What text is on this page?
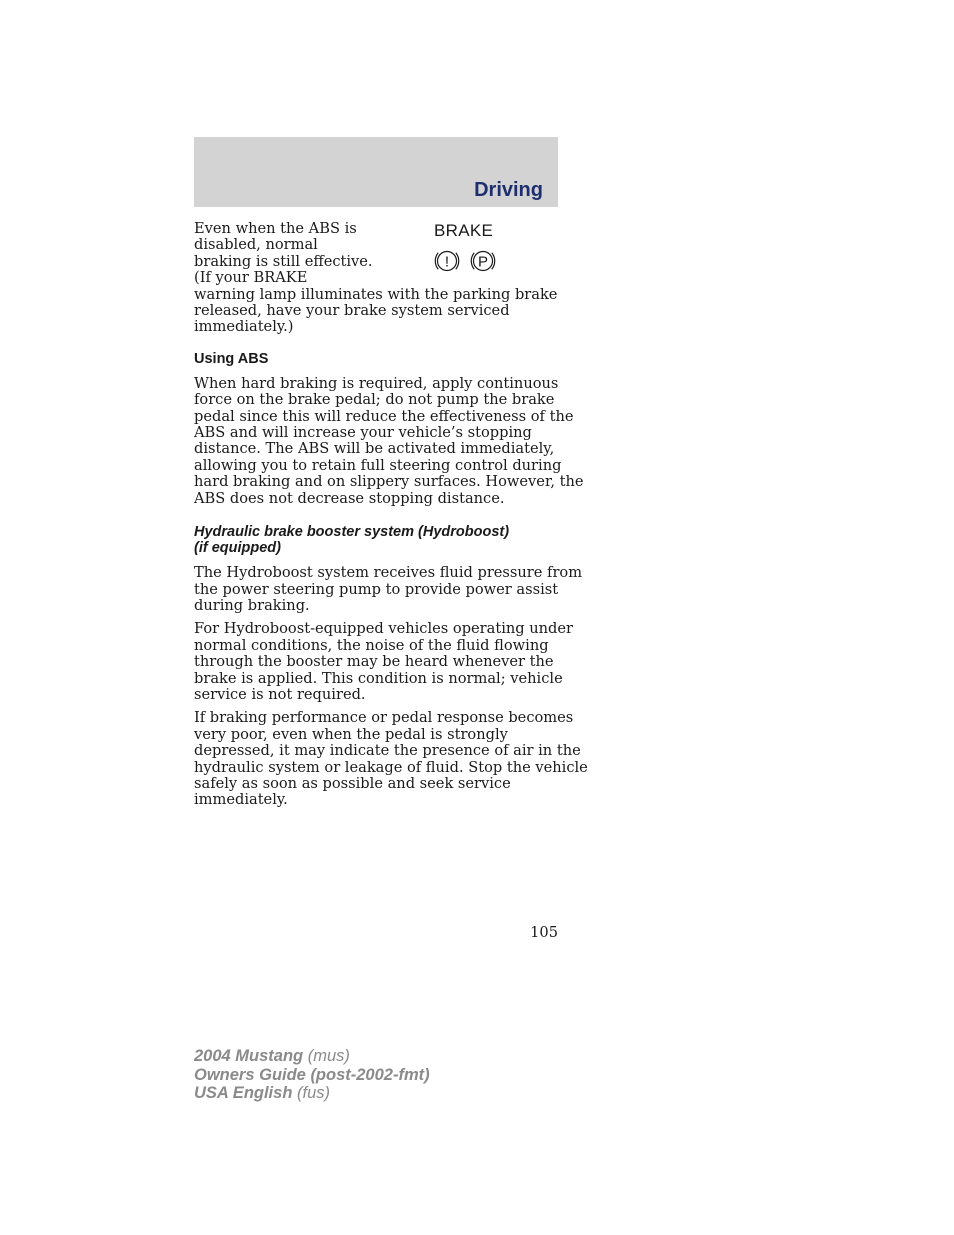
Driving

Even when the ABS is
disabled, normal
braking is still effective.
(If your BRAKE
warning lamp illuminates with the parking brake
released, have your brake system serviced
immediately.)

BRAKE
! P
Using ABS

When hard braking is required, apply continuous
force on the brake pedal; do not pump the brake
pedal since this will reduce the effectiveness of the
ABS and will increase your vehicle’s stopping
distance. The ABS will be activated immediately,
allowing you to retain full steering control during
hard braking and on slippery surfaces. However, the
ABS does not decrease stopping distance.

Hydraulic brake booster system (Hydroboost)
(if equipped)

The Hydroboost system receives fluid pressure from
the power steering pump to provide power assist
during braking.

For Hydroboost-equipped vehicles operating under
normal conditions, the noise of the fluid flowing
through the booster may be heard whenever the
brake is applied. This condition is normal; vehicle
service is not required.

If braking performance or pedal response becomes
very poor, even when the pedal is strongly
depressed, it may indicate the presence of air in the
hydraulic system or leakage of fluid. Stop the vehicle
safely as soon as possible and seek service
immediately.

105
2004 Mustang (mus)
Owners Guide (post-2002-fmt)
USA English (fus)
